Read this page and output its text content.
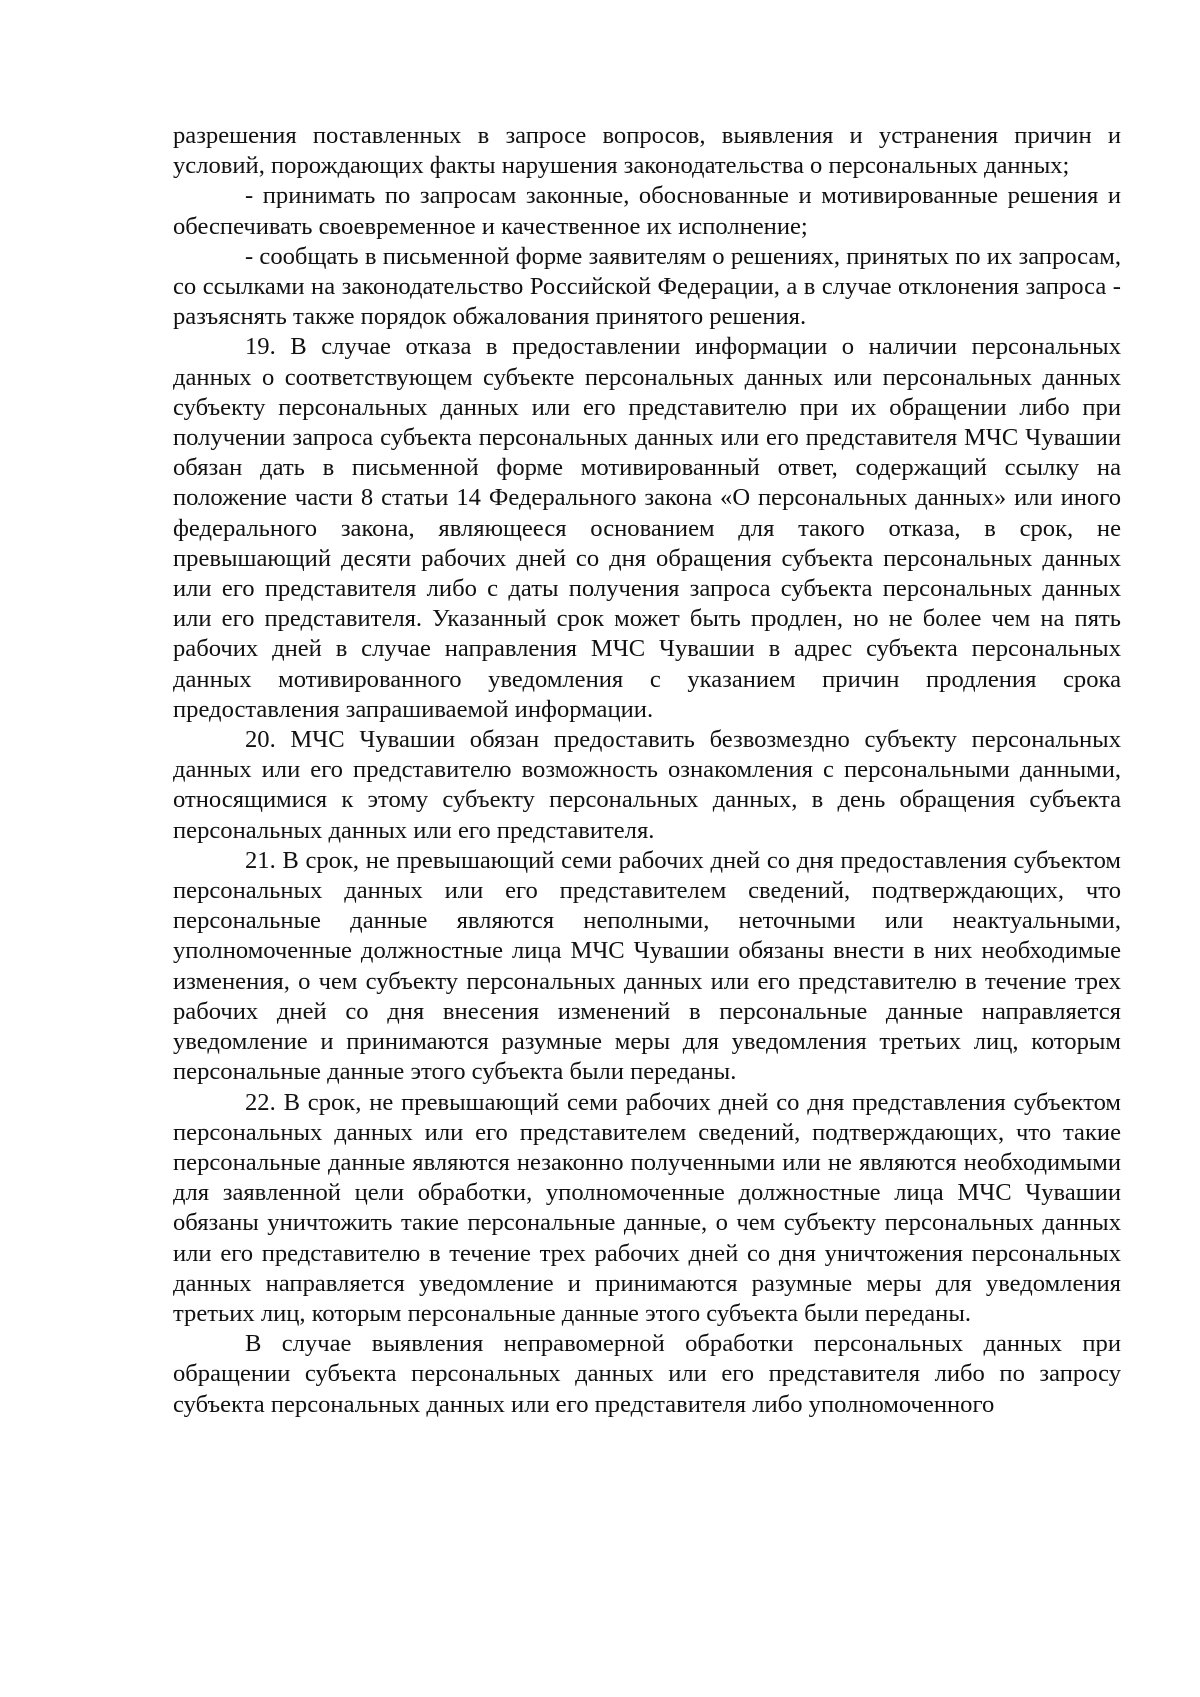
разрешения поставленных в запросе вопросов, выявления и устранения причин и условий, порождающих факты нарушения законодательства о персональных данных;

- принимать по запросам законные, обоснованные и мотивированные решения и обеспечивать своевременное и качественное их исполнение;

- сообщать в письменной форме заявителям о решениях, принятых по их запросам, со ссылками на законодательство Российской Федерации, а в случае отклонения запроса - разъяснять также порядок обжалования принятого решения.

19. В случае отказа в предоставлении информации о наличии персональных данных о соответствующем субъекте персональных данных или персональных данных субъекту персональных данных или его представителю при их обращении либо при получении запроса субъекта персональных данных или его представителя МЧС Чувашии обязан дать в письменной форме мотивированный ответ, содержащий ссылку на положение части 8 статьи 14 Федерального закона «О персональных данных» или иного федерального закона, являющееся основанием для такого отказа, в срок, не превышающий десяти рабочих дней со дня обращения субъекта персональных данных или его представителя либо с даты получения запроса субъекта персональных данных или его представителя. Указанный срок может быть продлен, но не более чем на пять рабочих дней в случае направления МЧС Чувашии в адрес субъекта персональных данных мотивированного уведомления с указанием причин продления срока предоставления запрашиваемой информации.

20. МЧС Чувашии обязан предоставить безвозмездно субъекту персональных данных или его представителю возможность ознакомления с персональными данными, относящимися к этому субъекту персональных данных, в день обращения субъекта персональных данных или его представителя.

21. В срок, не превышающий семи рабочих дней со дня предоставления субъектом персональных данных или его представителем сведений, подтверждающих, что персональные данные являются неполными, неточными или неактуальными, уполномоченные должностные лица МЧС Чувашии обязаны внести в них необходимые изменения, о чем субъекту персональных данных или его представителю в течение трех рабочих дней со дня внесения изменений в персональные данные направляется уведомление и принимаются разумные меры для уведомления третьих лиц, которым персональные данные этого субъекта были переданы.

22. В срок, не превышающий семи рабочих дней со дня представления субъектом персональных данных или его представителем сведений, подтверждающих, что такие персональные данные являются незаконно полученными или не являются необходимыми для заявленной цели обработки, уполномоченные должностные лица МЧС Чувашии обязаны уничтожить такие персональные данные, о чем субъекту персональных данных или его представителю в течение трех рабочих дней со дня уничтожения персональных данных направляется уведомление и принимаются разумные меры для уведомления третьих лиц, которым персональные данные этого субъекта были переданы.

В случае выявления неправомерной обработки персональных данных при обращении субъекта персональных данных или его представителя либо по запросу субъекта персональных данных или его представителя либо уполномоченного
